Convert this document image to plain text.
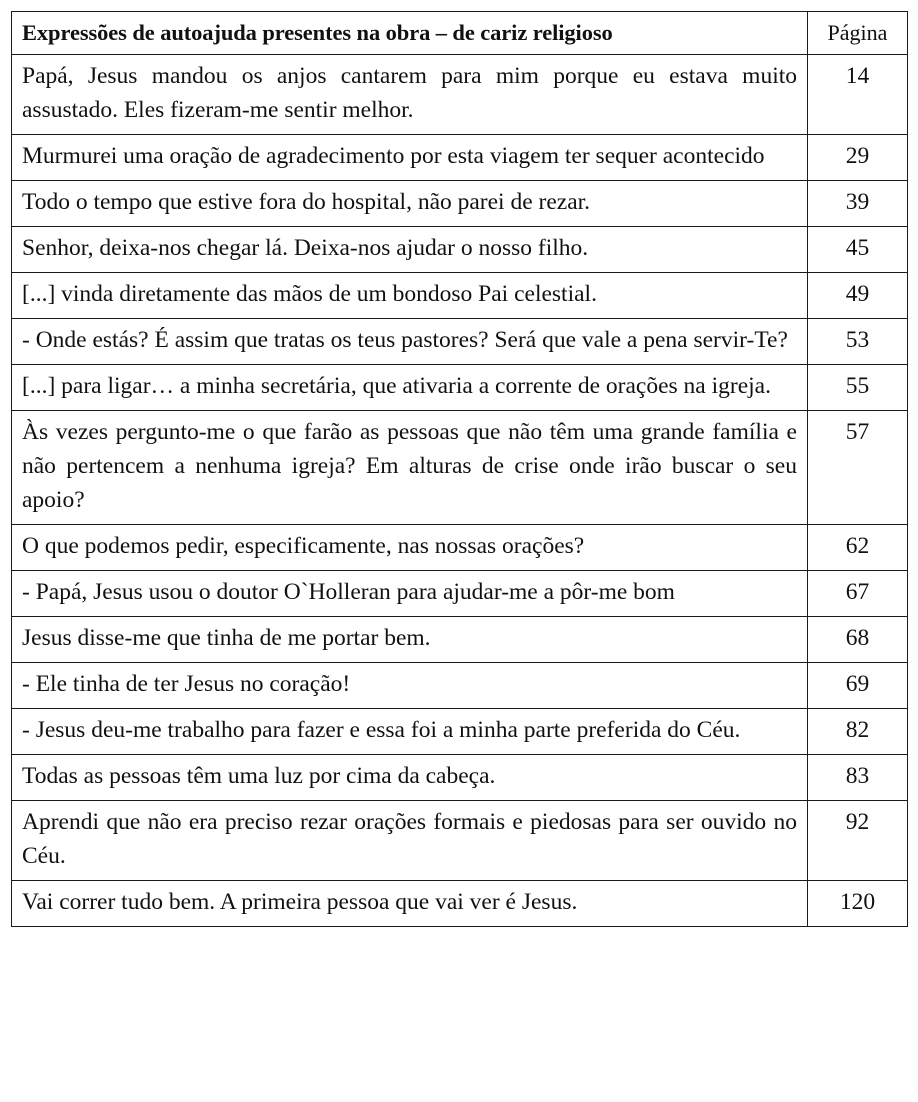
Expressões de autoajuda presentes na obra – de cariz religioso	Página
Papá, Jesus mandou os anjos cantarem para mim porque eu estava muito assustado. Eles fizeram-me sentir melhor.	14
Murmurei uma oração de agradecimento por esta viagem ter sequer acontecido	29
Todo o tempo que estive fora do hospital, não parei de rezar.	39
Senhor, deixa-nos chegar lá. Deixa-nos ajudar o nosso filho.	45
[...] vinda diretamente das mãos de um bondoso Pai celestial.	49
- Onde estás? É assim que tratas os teus pastores? Será que vale a pena servir-Te?	53
[...] para ligar… a minha secretária, que ativaria a corrente de orações na igreja.	55
Às vezes pergunto-me o que farão as pessoas que não têm uma grande família e não pertencem a nenhuma igreja? Em alturas de crise onde irão buscar o seu apoio?	57
O que podemos pedir, especificamente, nas nossas orações?	62
- Papá, Jesus usou o doutor O`Holleran para ajudar-me a pôr-me bom	67
Jesus disse-me que tinha de me portar bem.	68
- Ele tinha de ter Jesus no coração!	69
- Jesus deu-me trabalho para fazer e essa foi a minha parte preferida do Céu.	82
Todas as pessoas têm uma luz por cima da cabeça.	83
Aprendi que não era preciso rezar orações formais e piedosas para ser ouvido no Céu.	92
Vai correr tudo bem. A primeira pessoa que vai ver é Jesus.	120
